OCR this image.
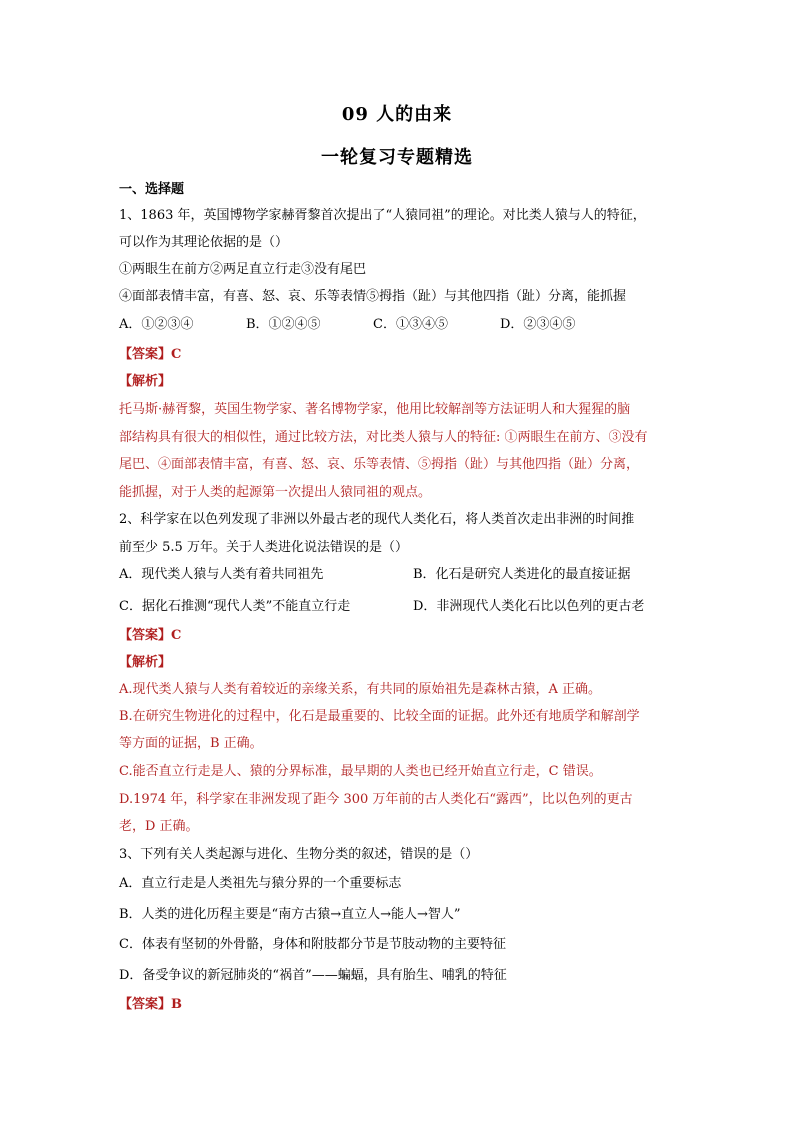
09 人的由来
一轮复习专题精选
一、选择题
1、1863 年，英国博物学家赫胥黎首次提出了“人猿同祖”的理论。对比类人猿与人的特征，
可以作为其理论依据的是（）
①两眼生在前方②两足直立行走③没有尾巴
④面部表情丰富，有喜、怒、哀、乐等表情⑤拇指（趾）与其他四指（趾）分离，能抓握
A．①②③④	B．①②④⑤	C．①③④⑤	D．②③④⑤
【答案】C
【解析】
托马斯·赫胥黎，英国生物学家、著名博物学家，他用比较解剖等方法证明人和大猩猩的脑
部结构具有很大的相似性，通过比较方法，对比类人猿与人的特征: ①两眼生在前方、③没有
尾巴、④面部表情丰富，有喜、怒、哀、乐等表情、⑤拇指（趾）与其他四指（趾）分离，
能抓握，对于人类的起源第一次提出人猿同祖的观点。
2、科学家在以色列发现了非洲以外最古老的现代人类化石，将人类首次走出非洲的时间推
前至少 5.5 万年。关于人类进化说法错误的是（）
A．现代类人猿与人类有着共同祖先	B．化石是研究人类进化的最直接证据
C．据化石推测“现代人类”不能直立行走	D．非洲现代人类化石比以色列的更古老
【答案】C
【解析】
A.现代类人猿与人类有着较近的亲缘关系，有共同的原始祖先是森林古猿，A 正确。
B.在研究生物进化的过程中，化石是最重要的、比较全面的证据。此外还有地质学和解剖学
等方面的证据，B 正确。
C.能否直立行走是人、猿的分界标准，最早期的人类也已经开始直立行走，C 错误。
D.1974 年，科学家在非洲发现了距今 300 万年前的古人类化石“露西”，比以色列的更古
老，D 正确。
3、下列有关人类起源与进化、生物分类的叙述，错误的是（）
A．直立行走是人类祖先与猿分界的一个重要标志
B．人类的进化历程主要是“南方古猿→直立人→能人→智人”
C．体表有坚韧的外骨骼，身体和附肢都分节是节肢动物的主要特征
D．备受争议的新冠肺炎的“祸首”——蝙蝠，具有胎生、哺乳的特征
【答案】B
